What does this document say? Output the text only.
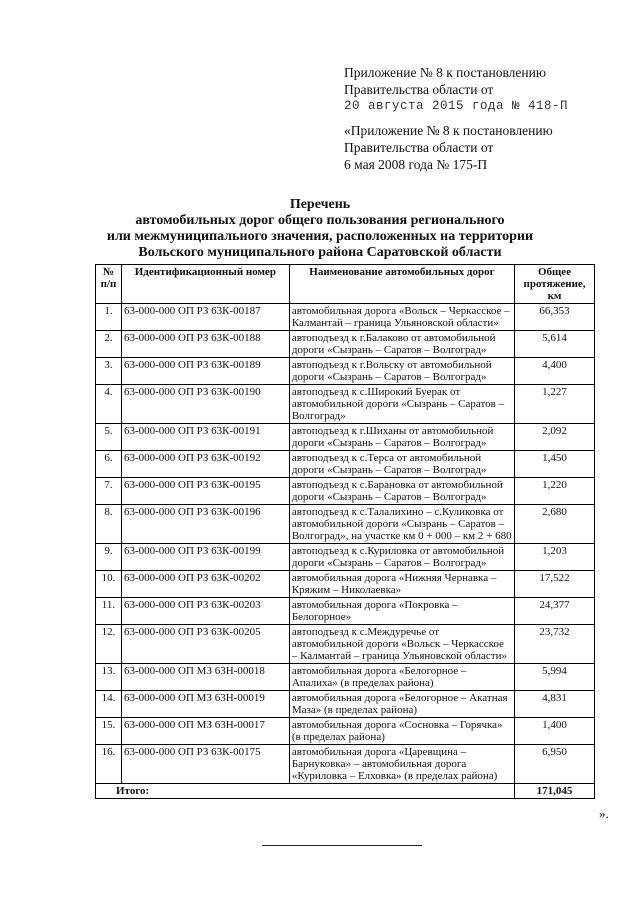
Приложение № 8 к постановлению
Правительства области от
20 августа 2015 года № 418-П
«Приложение № 8 к постановлению
Правительства области от
6 мая 2008 года № 175-П
Перечень
автомобильных дорог общего пользования регионального
или межмуниципального значения, расположенных на территории
Вольского муниципального района Саратовской области
№ п/п	Идентификационный номер	Наименование автомобильных дорог	Общее протяжение, км
1.	63-000-000 ОП РЗ 63К-00187	автомобильная дорога «Вольск – Черкасское – Калмантай – граница Ульяновской области»	66,353
2.	63-000-000 ОП РЗ 63К-00188	автоподъезд к г.Балаково от автомобильной дороги «Сызрань – Саратов – Волгоград»	5,614
3.	63-000-000 ОП РЗ 63К-00189	автоподъезд к г.Вольску от автомобильной дороги «Сызрань – Саратов – Волгоград»	4,400
4.	63-000-000 ОП РЗ 63К-00190	автоподъезд к с.Широкий Буерак от автомобильной дороги «Сызрань – Саратов – Волгоград»	1,227
5.	63-000-000 ОП РЗ 63К-00191	автоподъезд к г.Шиханы от автомобильной дороги «Сызрань – Саратов – Волгоград»	2,092
6.	63-000-000 ОП РЗ 63К-00192	автоподъезд к с.Терса от автомобильной дороги «Сызрань – Саратов – Волгоград»	1,450
7.	63-000-000 ОП РЗ 63К-00195	автоподъезд к с.Барановка от автомобильной дороги «Сызрань – Саратов – Волгоград»	1,220
8.	63-000-000 ОП РЗ 63К-00196	автоподъезд к с.Талалихино – с.Куликовка от автомобильной дороги «Сызрань – Саратов – Волгоград», на участке км 0 + 000 – км 2 + 680	2,680
9.	63-000-000 ОП РЗ 63К-00199	автоподъезд к с.Куриловка от автомобильной дороги «Сызрань – Саратов – Волгоград»	1,203
10.	63-000-000 ОП РЗ 63К-00202	автомобильная дорога «Нижняя Чернавка – Кряжим – Николаевка»	17,522
11.	63-000-000 ОП РЗ 63К-00203	автомобильная дорога «Покровка – Белогорное»	24,377
12.	63-000-000 ОП РЗ 63К-00205	автоподъезд к с.Междуречье от автомобильной дороги «Вольск – Черкасское – Калмантай – граница Ульяновской области»	23,732
13.	63-000-000 ОП МЗ 63Н-00018	автомобильная дорога «Белогорное – Апалиха» (в пределах района)	5,994
14.	63-000-000 ОП МЗ 63Н-00019	автомобильная дорога «Белогорное – Акатная Маза» (в пределах района)	4,831
15.	63-000-000 ОП МЗ 63Н-00017	автомобильная дорога «Сосновка – Горячка» (в пределах района)	1,400
16.	63-000-000 ОП РЗ 63К-00175	автомобильная дорога «Царевщина – Барнуковка» – автомобильная дорога «Куриловка – Елховка» (в пределах района)	6,950
Итого:			171,045
».
